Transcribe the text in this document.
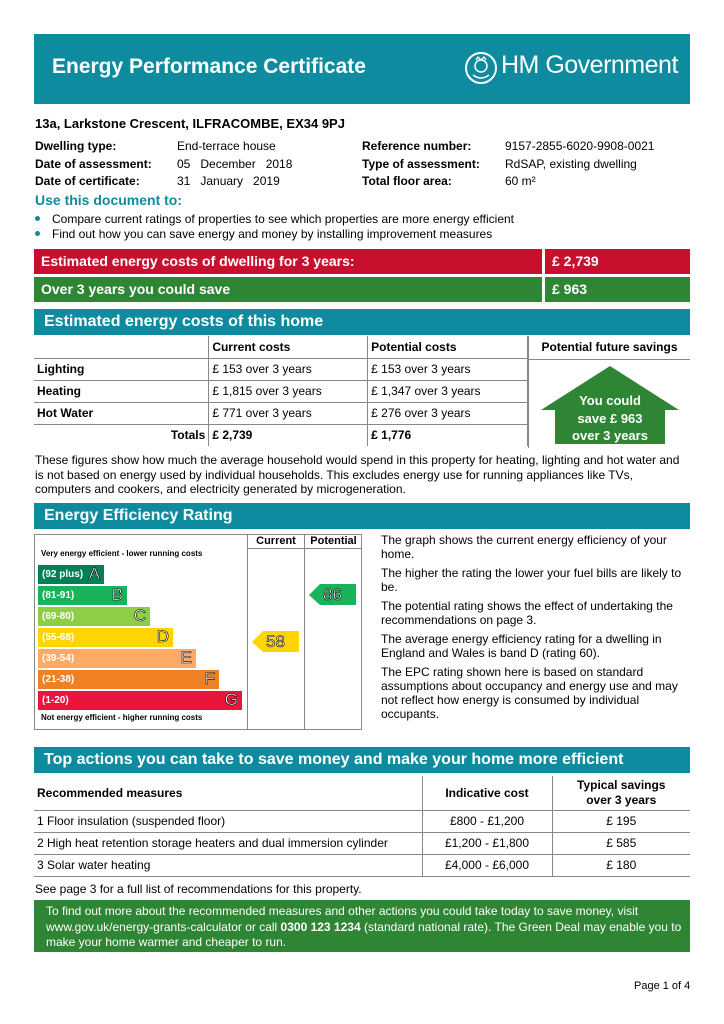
Energy Performance Certificate	HM Government
13a, Larkstone Crescent, ILFRACOMBE, EX34 9PJ
Dwelling type:	End-terrace house
Date of assessment: 05   December   2018
Date of certificate:	31   January   2019
Reference number:	9157-2855-6020-9908-0021
Type of assessment: RdSAP, existing dwelling
Total floor area:	60 m²
Use this document to:
Compare current ratings of properties to see which properties are more energy efficient
Find out how you can save energy and money by installing improvement measures
Estimated energy costs of dwelling for 3 years:	£ 2,739
Over 3 years you could save	£ 963
Estimated energy costs of this home
	Current costs	Potential costs
Lighting	£ 153 over 3 years	£ 153 over 3 years
Heating	£ 1,815 over 3 years	£ 1,347 over 3 years
Hot Water	£ 771 over 3 years	£ 276 over 3 years
Totals	£ 2,739	£ 1,776
Potential future savings
You could
save £ 963
over 3 years
These figures show how much the average household would spend in this property for heating, lighting and hot water and is not based on energy used by individual households. This excludes energy use for running appliances like TVs, computers and cookers, and electricity generated by microgeneration.
Energy Efficiency Rating
Current	Potential
Very energy efficient - lower running costs
Not energy efficient - higher running costs
(92 plus) A
(81-91) B
(69-80)	C
(55-68)	D
(39-54)	E
(21-38)	F
(1-20)	G
58
86
The graph shows the current energy efficiency of your home.
The higher the rating the lower your fuel bills are likely to be.
The potential rating shows the effect of undertaking the recommendations on page 3.
The average energy efficiency rating for a dwelling in England and Wales is band D (rating 60).
The EPC rating shown here is based on standard assumptions about occupancy and energy use and may not reflect how energy is consumed by individual occupants.
Top actions you can take to save money and make your home more efficient
Recommended measures	Indicative cost	Typical savings
over 3 years

1 Floor insulation (suspended floor)	£800 - £1,200	£ 195
2 High heat retention storage heaters and dual immersion cylinder	£1,200 - £1,800	£ 585
3 Solar water heating	£4,000 - £6,000	£ 180
See page 3 for a full list of recommendations for this property.
To find out more about the recommended measures and other actions you could take today to save money, visit
www.gov.uk/energy-grants-calculator or call 0300 123 1234 (standard national rate). The Green Deal may enable you to
make your home warmer and cheaper to run.
Page 1 of 4
